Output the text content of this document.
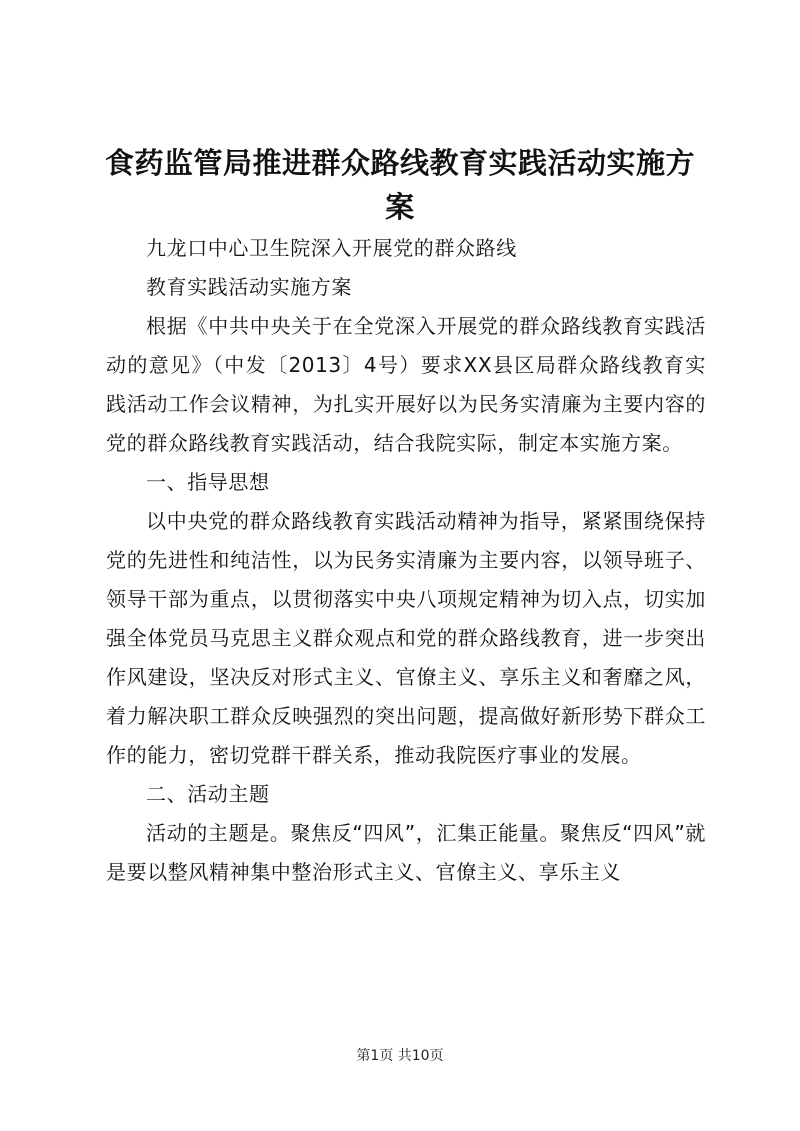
食药监管局推进群众路线教育实践活动实施方案

九龙口中心卫生院深入开展党的群众路线

教育实践活动实施方案

根据《中共中央关于在全党深入开展党的群众路线教育实践活动的意见》（中发〔2013〕4号）要求XX县区局群众路线教育实践活动工作会议精神，为扎实开展好以为民务实清廉为主要内容的党的群众路线教育实践活动，结合我院实际，制定本实施方案。

一、指导思想

以中央党的群众路线教育实践活动精神为指导，紧紧围绕保持党的先进性和纯洁性，以为民务实清廉为主要内容，以领导班子、领导干部为重点，以贯彻落实中央八项规定精神为切入点，切实加强全体党员马克思主义群众观点和党的群众路线教育，进一步突出作风建设，坚决反对形式主义、官僚主义、享乐主义和奢靡之风，着力解决职工群众反映强烈的突出问题，提高做好新形势下群众工作的能力，密切党群干群关系，推动我院医疗事业的发展。

二、活动主题

活动的主题是。聚焦反“四风”，汇集正能量。聚焦反“四风”就是要以整风精神集中整治形式主义、官僚主义、享乐主义

第1页 共10页
